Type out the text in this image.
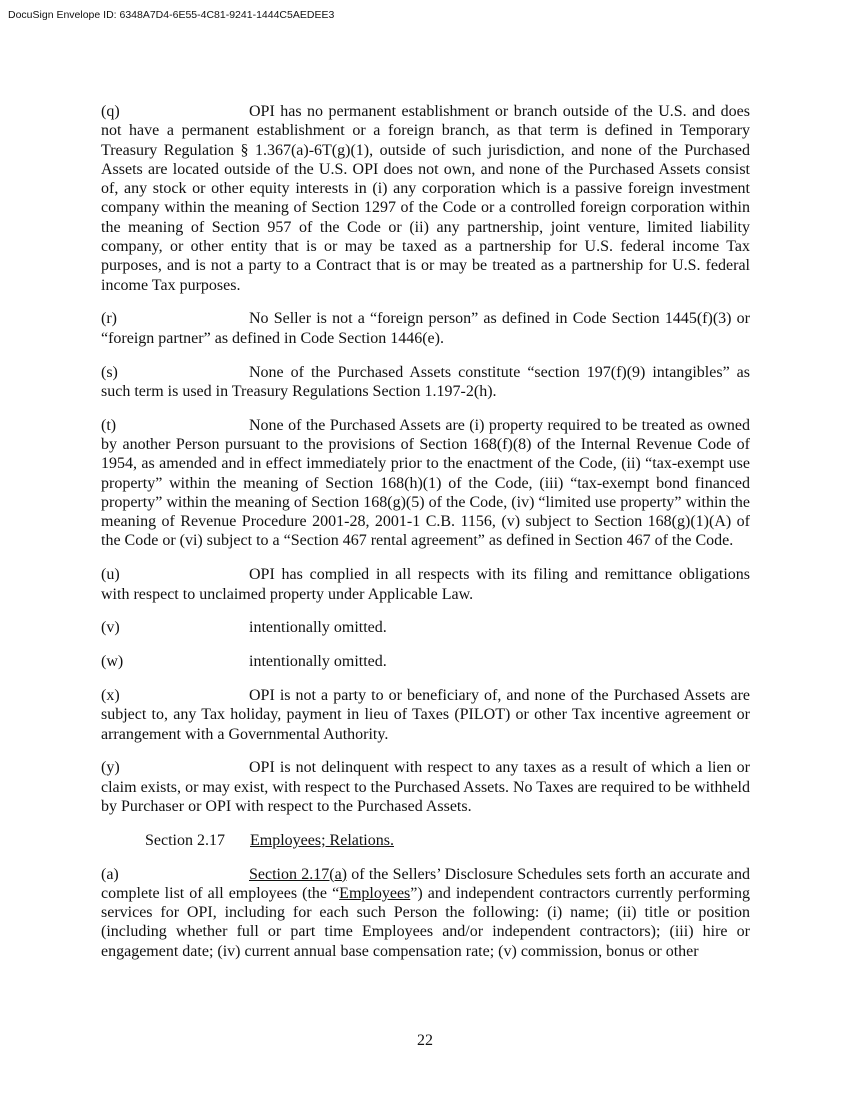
DocuSign Envelope ID: 6348A7D4-6E55-4C81-9241-1444C5AEDEE3

(q)	OPI has no permanent establishment or branch outside of the U.S. and does not have a permanent establishment or a foreign branch, as that term is defined in Temporary Treasury Regulation § 1.367(a)-6T(g)(1), outside of such jurisdiction, and none of the Purchased Assets are located outside of the U.S. OPI does not own, and none of the Purchased Assets consist of, any stock or other equity interests in (i) any corporation which is a passive foreign investment company within the meaning of Section 1297 of the Code or a controlled foreign corporation within the meaning of Section 957 of the Code or (ii) any partnership, joint venture, limited liability company, or other entity that is or may be taxed as a partnership for U.S. federal income Tax purposes, and is not a party to a Contract that is or may be treated as a partnership for U.S. federal income Tax purposes.

(r)	No Seller is not a “foreign person” as defined in Code Section 1445(f)(3) or “foreign partner” as defined in Code Section 1446(e).

(s)	None of the Purchased Assets constitute “section 197(f)(9) intangibles” as such term is used in Treasury Regulations Section 1.197-2(h).

(t)	None of the Purchased Assets are (i) property required to be treated as owned by another Person pursuant to the provisions of Section 168(f)(8) of the Internal Revenue Code of 1954, as amended and in effect immediately prior to the enactment of the Code, (ii) “tax-exempt use property” within the meaning of Section 168(h)(1) of the Code, (iii) “tax-exempt bond financed property” within the meaning of Section 168(g)(5) of the Code, (iv) “limited use property” within the meaning of Revenue Procedure 2001-28, 2001-1 C.B. 1156, (v) subject to Section 168(g)(1)(A) of the Code or (vi) subject to a “Section 467 rental agreement” as defined in Section 467 of the Code.

(u)	OPI has complied in all respects with its filing and remittance obligations with respect to unclaimed property under Applicable Law.

(v)	intentionally omitted.

(w)	intentionally omitted.

(x)	OPI is not a party to or beneficiary of, and none of the Purchased Assets are subject to, any Tax holiday, payment in lieu of Taxes (PILOT) or other Tax incentive agreement or arrangement with a Governmental Authority.

(y)	OPI is not delinquent with respect to any taxes as a result of which a lien or claim exists, or may exist, with respect to the Purchased Assets. No Taxes are required to be withheld by Purchaser or OPI with respect to the Purchased Assets.

Section 2.17 Employees; Relations.

(a)	Section 2.17(a) of the Sellers’ Disclosure Schedules sets forth an accurate and complete list of all employees (the “Employees”) and independent contractors currently performing services for OPI, including for each such Person the following: (i) name; (ii) title or position (including whether full or part time Employees and/or independent contractors); (iii) hire or engagement date; (iv) current annual base compensation rate; (v) commission, bonus or other

22
